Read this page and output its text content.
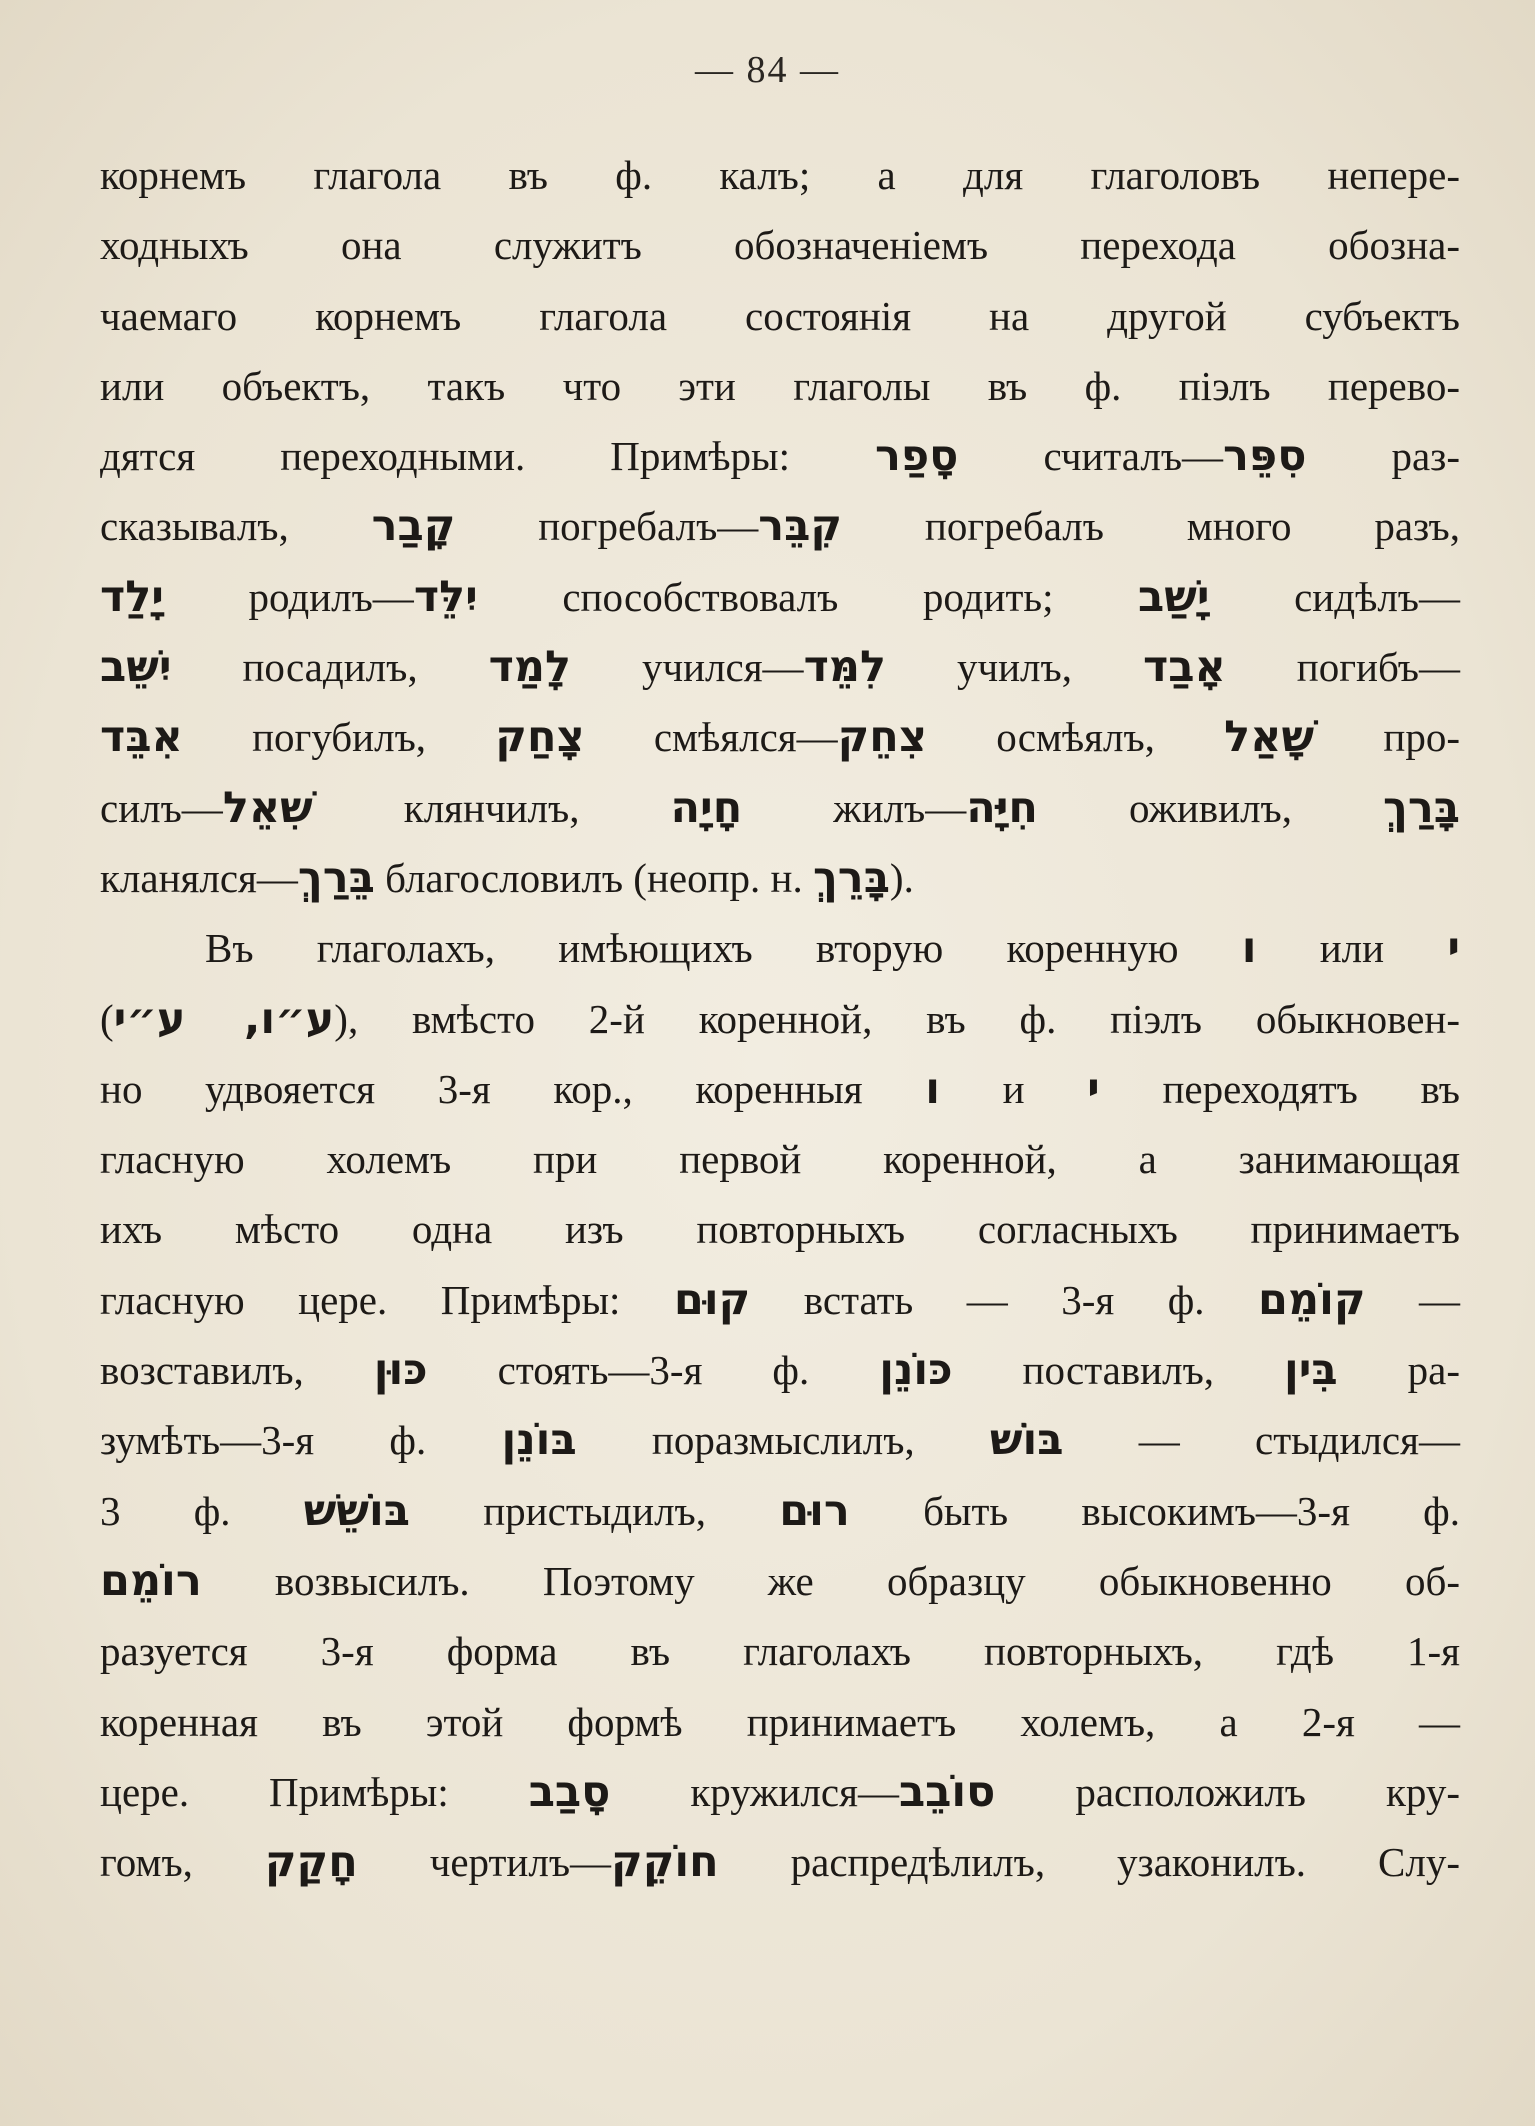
— 84 —
корнемъ глагола въ ф. калъ; а для глаголовъ непере-
ходныхъ она служитъ обозначеніемъ перехода обозна-
чаемаго корнемъ глагола состоянія на другой субъектъ
или объектъ, такъ что эти глаголы въ ф. піэлъ перево-
дятся переходными. Примѣры: סָפַר считалъ—סִפֵּר раз-
сказывалъ, קָבַר погребалъ—קִבֵּר погребалъ много разъ,
יָלַד родилъ—יִלֵּד способствовалъ родить; יָשַׁב сидѣлъ—
יִשֵּׁב посадилъ, לָמַד учился—לִמֵּד училъ, אָבַד погибъ—
אִבֵּד погубилъ, צָחַק смѣялся—צִחֵק осмѣялъ, שָׁאַל про-
силъ—שִׁאֵל клянчилъ, חָיָה жилъ—חִיָּה оживилъ, בָּרַךְ
кланялся—בֵּרַךְ благословилъ (неопр. н. בָּרֵךְ).
Въ глаголахъ, имѣющихъ вторую коренную ו или י
(ע״ו, ע״י), вмѣсто 2-й коренной, въ ф. піэлъ обыкновен-
но удвояется 3-я кор., коренныя ו и י переходятъ въ
гласную холемъ при первой коренной, а занимающая
ихъ мѣсто одна изъ повторныхъ согласныхъ принимаетъ
гласную цере. Примѣры: קוּם встать — 3-я ф. קוֹמֵם —
возставилъ, כּוּן стоять—3-я ф. כּוֹנֵן поставилъ, בִּין ра-
зумѣть—3-я ф. בּוֹנֵן поразмыслилъ, בּוֹשׁ — стыдился—
3 ф. בּוֹשֵׁשׁ пристыдилъ, רוּם быть высокимъ—3-я ф.
רוֹמֵם возвысилъ. Поэтому же образцу обыкновенно об-
разуется 3-я форма въ глаголахъ повторныхъ, гдѣ 1-я
коренная въ этой формѣ принимаетъ холемъ, а 2-я —
цере. Примѣры: סָבַב кружился—סוֹבֵב расположилъ кру-
гомъ, חָקַק чертилъ—חוֹקֵק распредѣлилъ, узаконилъ. Слу-
